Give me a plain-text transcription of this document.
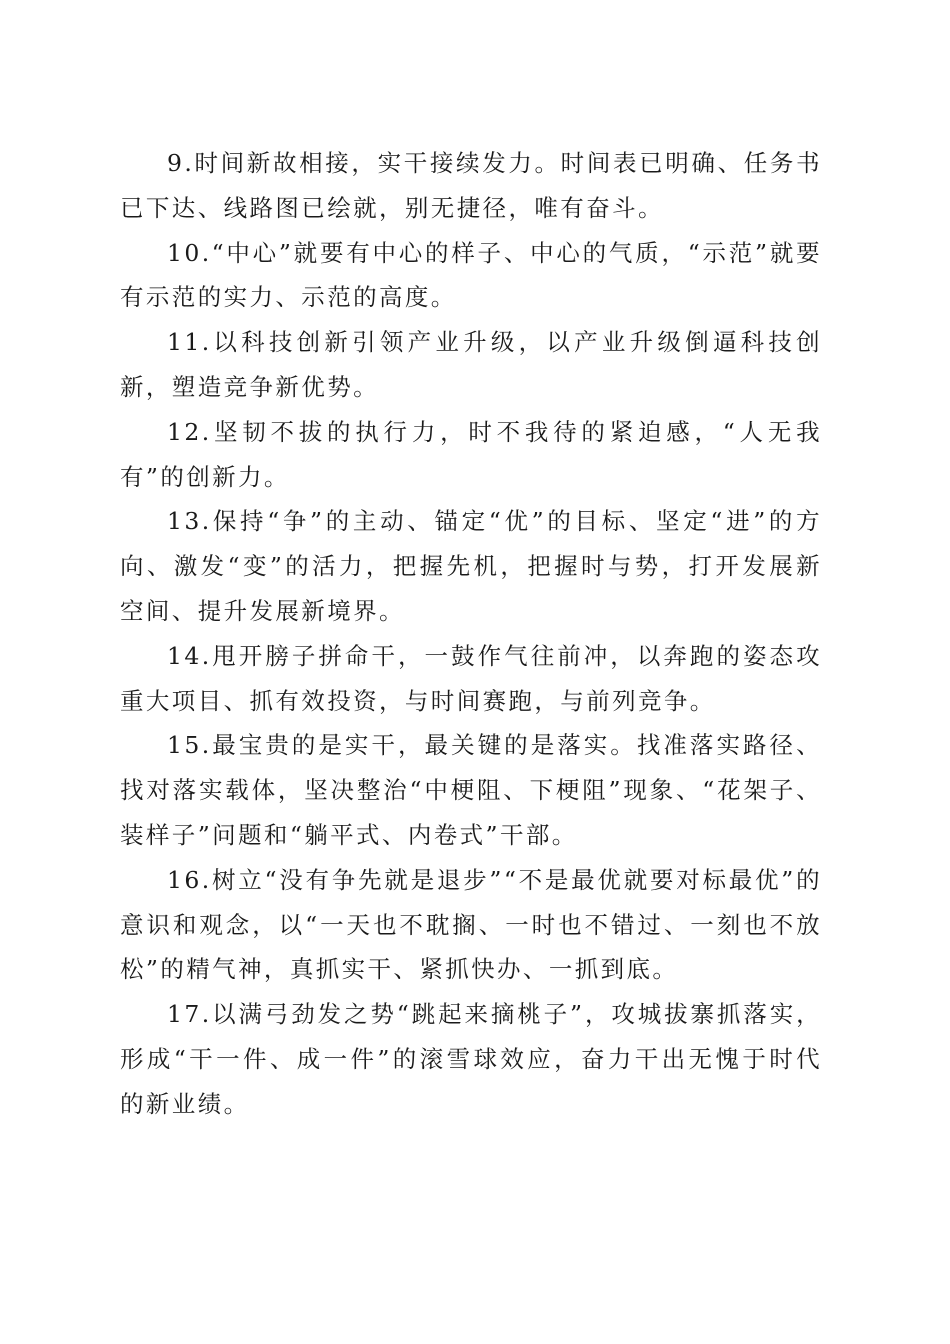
9.时间新故相接，实干接续发力。时间表已明确、任务书已下达、线路图已绘就，别无捷径，唯有奋斗。

10.“中心”就要有中心的样子、中心的气质，“示范”就要有示范的实力、示范的高度。

11.以科技创新引领产业升级，以产业升级倒逼科技创新，塑造竞争新优势。

12.坚韧不拔的执行力，时不我待的紧迫感，“人无我有”的创新力。

13.保持“争”的主动、锚定“优”的目标、坚定“进”的方向、激发“变”的活力，把握先机，把握时与势，打开发展新空间、提升发展新境界。

14.甩开膀子拼命干，一鼓作气往前冲，以奔跑的姿态攻重大项目、抓有效投资，与时间赛跑，与前列竞争。

15.最宝贵的是实干，最关键的是落实。找准落实路径、找对落实载体，坚决整治“中梗阻、下梗阻”现象、“花架子、装样子”问题和“躺平式、内卷式”干部。

16.树立“没有争先就是退步”“不是最优就要对标最优”的意识和观念，以“一天也不耽搁、一时也不错过、一刻也不放松”的精气神，真抓实干、紧抓快办、一抓到底。

17.以满弓劲发之势“跳起来摘桃子”，攻城拔寨抓落实，形成“干一件、成一件”的滚雪球效应，奋力干出无愧于时代的新业绩。
